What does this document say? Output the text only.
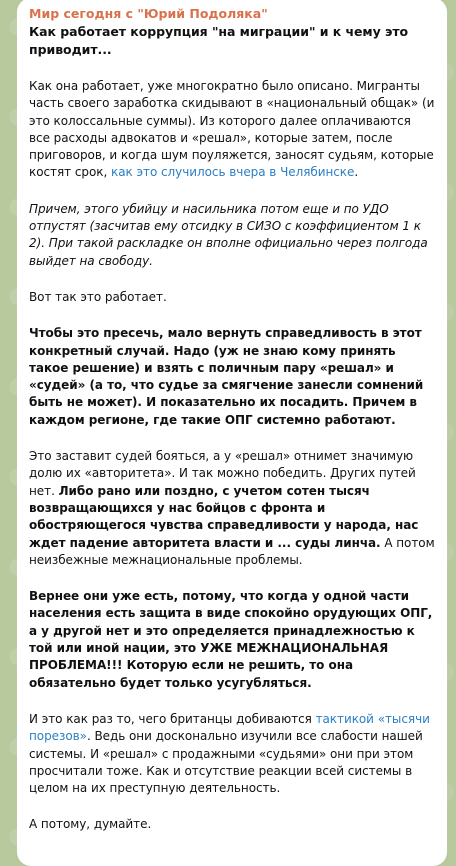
Мир сегодня с "Юрий Подоляка"
Как работает коррупция "на миграции" и к чему это приводит...
Как она работает, уже многократно было описано. Мигранты часть своего заработка скидывают в «национальный общак» (и это колоссальные суммы). Из которого далее оплачиваются все расходы адвокатов и «решал», которые затем, после приговоров, и когда шум поуляжется, заносят судьям, которые костят срок, как это случилось вчера в Челябинске.
Причем, этого убийцу и насильника потом еще и по УДО отпустят (засчитав ему отсидку в СИЗО с коэффициентом 1 к 2). При такой раскладке он вполне официально через полгода выйдет на свободу.
Вот так это работает.
Чтобы это пресечь, мало вернуть справедливость в этот конкретный случай. Надо (уж не знаю кому принять такое решение) и взять с поличным пару «решал» и «судей» (а то, что судье за смягчение занесли сомнений быть не может). И показательно их посадить. Причем в каждом регионе, где такие ОПГ системно работают.
Это заставит судей бояться, а у «решал» отнимет значимую долю их «авторитета». И так можно победить. Других путей нет. Либо рано или поздно, с учетом сотен тысяч возвращающихся у нас бойцов с фронта и обостряющегося чувства справедливости у народа, нас ждет падение авторитета власти и ... суды линча. А потом неизбежные межнациональные проблемы.
Вернее они уже есть, потому, что когда у одной части населения есть защита в виде спокойно орудующих ОПГ, а у другой нет и это определяется принадлежностью к той или иной нации, это УЖЕ МЕЖНАЦИОНАЛЬНАЯ ПРОБЛЕМА!!! Которую если не решить, то она обязательно будет только усугубляться.
И это как раз то, чего британцы добиваются тактикой «тысячи порезов». Ведь они досконально изучили все слабости нашей системы. И «решал» с продажными «судьями» они при этом просчитали тоже. Как и отсутствие реакции всей системы в целом на их преступную деятельность.
А потому, думайте.
